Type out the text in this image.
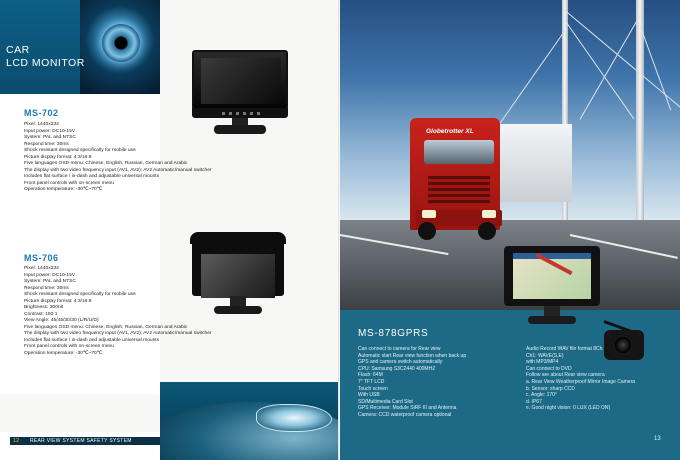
CAR
LCD MONITOR
MS-702
Pixel: 1440x234
Input power: DC10-15V
System: PAL and NTSC
Respond time: 30ms
Shock resistant designed specifically for mobile use
Picture display format: 4:3/16:9
Five languages OSD menu: Chinese, English, Russian, German and Arabic
The display with two video frequency input (AV1, AV2); AV2 Automatic/manual switcher
Includes flat surface / in-dash and adjustable universal mounts
Front panel controls with on-screen menu
Operation temperature: -30℃~70℃
MS-706
Pixel: 1440x234
Input power: DC10-15V
System: PAL and NTSC
Respond time: 30ms
Shock resistant designed specifically for mobile use
Picture display format: 4:3/16:9
Brightness: 300nit
Contrast: 150:1
View Angle: 45/45/30/30 (L/R/U/D)
Five languages OSD menu: Chinese, English, Russian, German and Arabic
The display with two video frequency input (AV1, AV2); AV2 Automatic/manual switcher
Includes flat surface / in-dash and adjustable universal mounts
Front panel controls with on-screen menu
Operation temperature: -30℃~70℃
12 REAR VIEW SYSTEM SAFETY SYSTEM
Globetrotter XL
MS-878GPRS
Can connect to camera for Rear view
Automatic start Rear view function when back up
GPS and camera switch automatically
CPU: Samsung S3C2440 400MHZ
Flash: 64M
7" TFT LCD
Touch screen
With USB
SD/Multimedia Card Slot
GPS Receiver: Module SiRF III and Antenna
Camera: CCD waterproof camera optional
Audio Record WAV file format 8Ch
Ch1: WAVE(S,E)
with MP3/MP4
Can connect to DVD
Follow are about Rear view camera
a. Rear View Weatherproof Mirror Image Camera
b. Sensor: sharp CCD
c. Angle: 170°
d. IP67
e. Good night vision: 0 LUX (LED ON)
13
